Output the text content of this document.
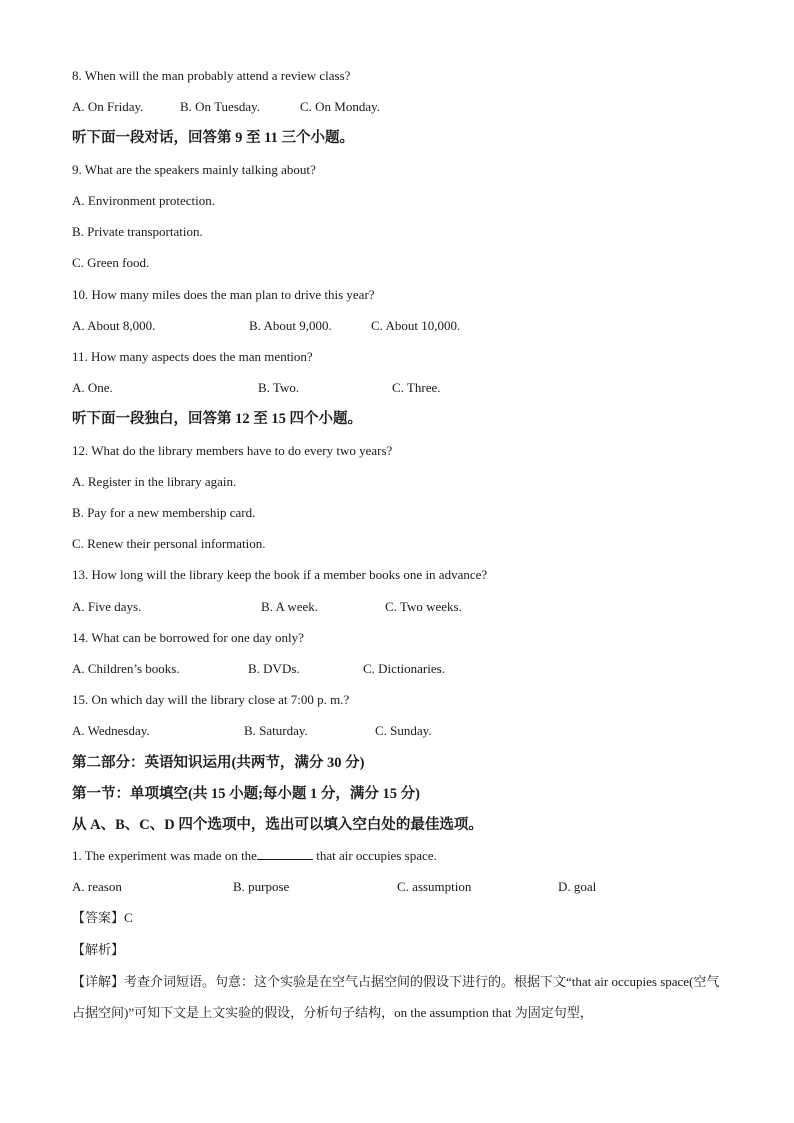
8. When will the man probably attend a review class?
A. On Friday.	B. On Tuesday.	C. On Monday.
听下面一段对话，回答第 9 至 11 三个小题。
9. What are the speakers mainly talking about?
A. Environment protection.
B. Private transportation.
C. Green food.
10. How many miles does the man plan to drive this year?
A. About 8,000.	B. About 9,000.	C. About 10,000.
11. How many aspects does the man mention?
A. One.	B. Two.	C. Three.
听下面一段独白，回答第 12 至 15 四个小题。
12. What do the library members have to do every two years?
A. Register in the library again.
B. Pay for a new membership card.
C. Renew their personal information.
13. How long will the library keep the book if a member books one in advance?
A. Five days.	B. A week.	C. Two weeks.
14. What can be borrowed for one day only?
A. Children’s books.	B. DVDs.	C. Dictionaries.
15. On which day will the library close at 7:00 p. m.?
A. Wednesday.	B. Saturday.	C. Sunday.
第二部分：英语知识运用(共两节，满分 30 分)
第一节：单项填空(共 15 小题;每小题 1 分，满分 15 分)
从 A、B、C、D 四个选项中，选出可以填入空白处的最佳选项。
1. The experiment was made on the	that air occupies space.
A. reason	B. purpose	C. assumption	D. goal
【答案】C
【解析】
【详解】考查介词短语。句意：这个实验是在空气占据空间的假设下进行的。根据下文“that air occupies space(空气占据空间)”可知下文是上文实验的假设，分析句子结构，on the assumption that 为固定句型，
